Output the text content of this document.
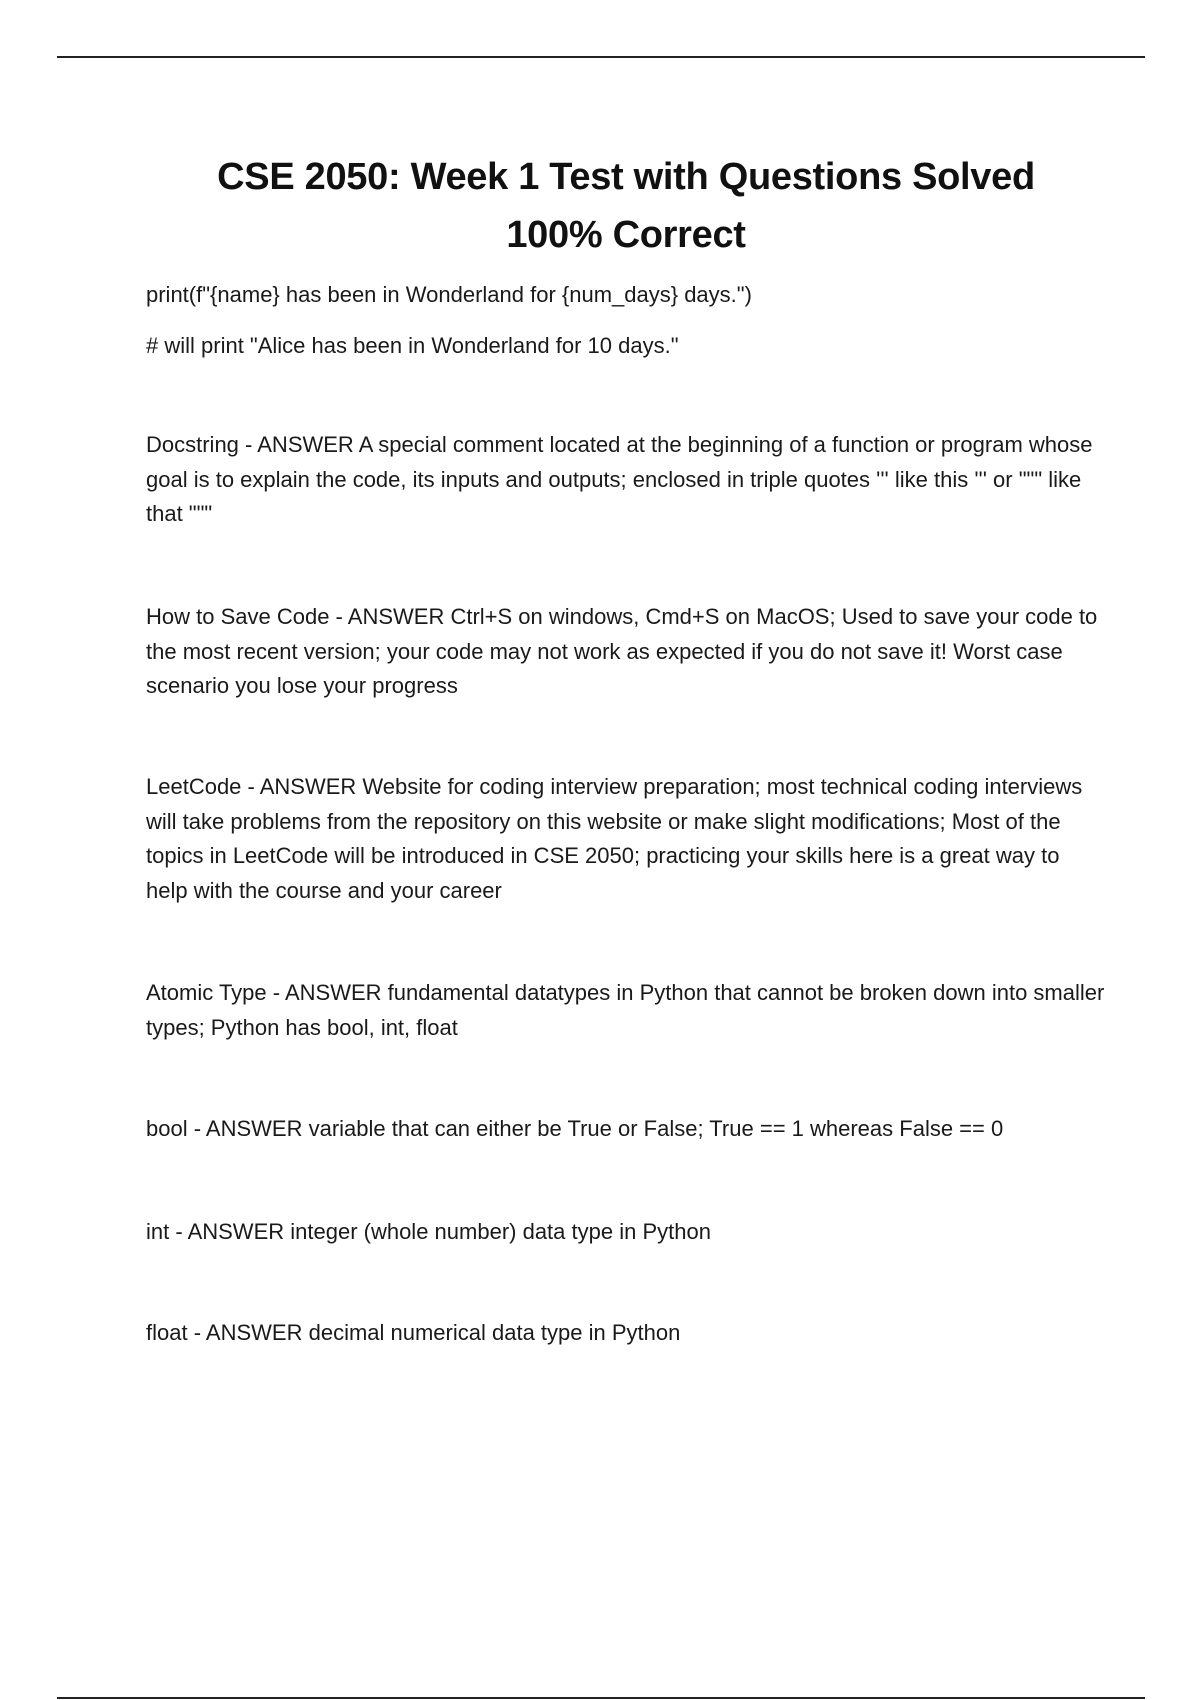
CSE 2050: Week 1 Test with Questions Solved
100% Correct
print(f"{name} has been in Wonderland for {num_days} days.")
# will print "Alice has been in Wonderland for 10 days."
Docstring - ANSWER A special comment located at the beginning of a function or program whose goal is to explain the code, its inputs and outputs; enclosed in triple quotes ''' like this ''' or """ like that """
How to Save Code - ANSWER Ctrl+S on windows, Cmd+S on MacOS; Used to save your code to the most recent version; your code may not work as expected if you do not save it! Worst case scenario you lose your progress
LeetCode - ANSWER Website for coding interview preparation; most technical coding interviews will take problems from the repository on this website or make slight modifications; Most of the topics in LeetCode will be introduced in CSE 2050; practicing your skills here is a great way to help with the course and your career
Atomic Type - ANSWER fundamental datatypes in Python that cannot be broken down into smaller types; Python has bool, int, float
bool - ANSWER variable that can either be True or False; True == 1 whereas False == 0
int - ANSWER integer (whole number) data type in Python
float - ANSWER decimal numerical data type in Python
